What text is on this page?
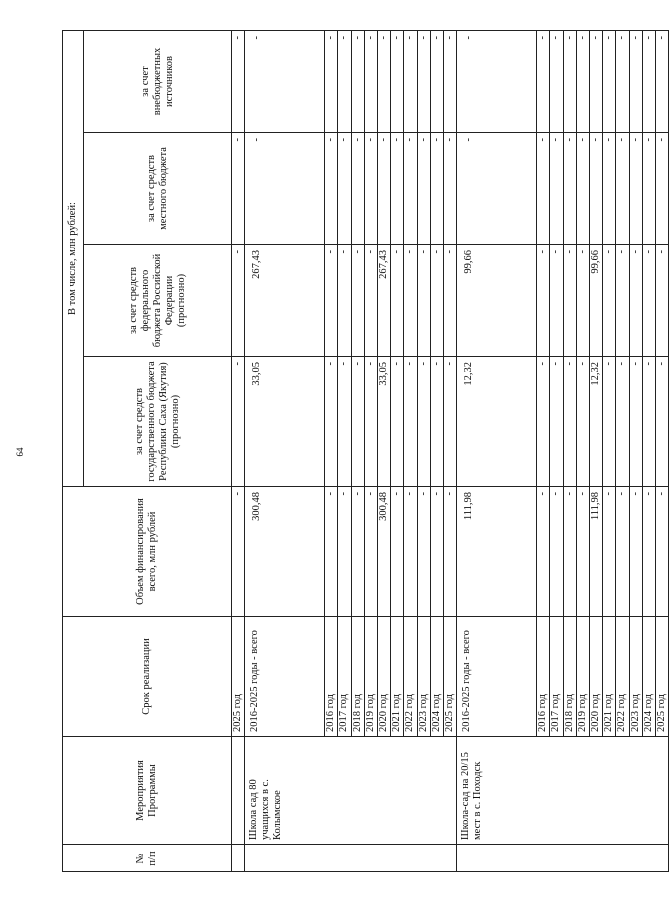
64
№ п/п
Мероприятия Программы
Срок реализации
Объем финансирования всего, млн рублей
В том числе, млн рублей:
за счет средств государственного бюджета Республики Саха (Якутия) (прогнозно)
за счет средств федерального бюджета Российской Федерации (прогнозно)
за счет средств местного бюджета
за счет внебюджетных источников
Школа сад 80 учащихся в с. Колымское	Школа-сад на 20/15 мест в с. Походск
2025 год
-
-
-
-
-
2016-2025 годы - всего
300,48
33,05
267,43
-
-
2016 год
-
-
-
-
-
2017 год
-
-
-
-
-
2018 год
-
-
-
-
-
2019 год
-
-
-
-
-
2020 год
300,48
33,05
267,43
-
-
2021 год
-
-
-
-
-
2022 год
-
-
-
-
-
2023 год
-
-
-
-
-
2024 год
-
-
-
-
-
2025 год
-
-
-
-
-
2016-2025 годы - всего
111,98
12,32
99,66
-
-
2016 год
-
-
-
-
-
2017 год
-
-
-
-
-
2018 год
-
-
-
-
-
2019 год
-
-
-
-
-
2020 год
111,98
12,32
99,66
-
-
2021 год
-
-
-
-
-
2022 год
-
-
-
-
-
2023 год
-
-
-
-
-
2024 год
-
-
-
-
-
2025 год
-
-
-
-
-
